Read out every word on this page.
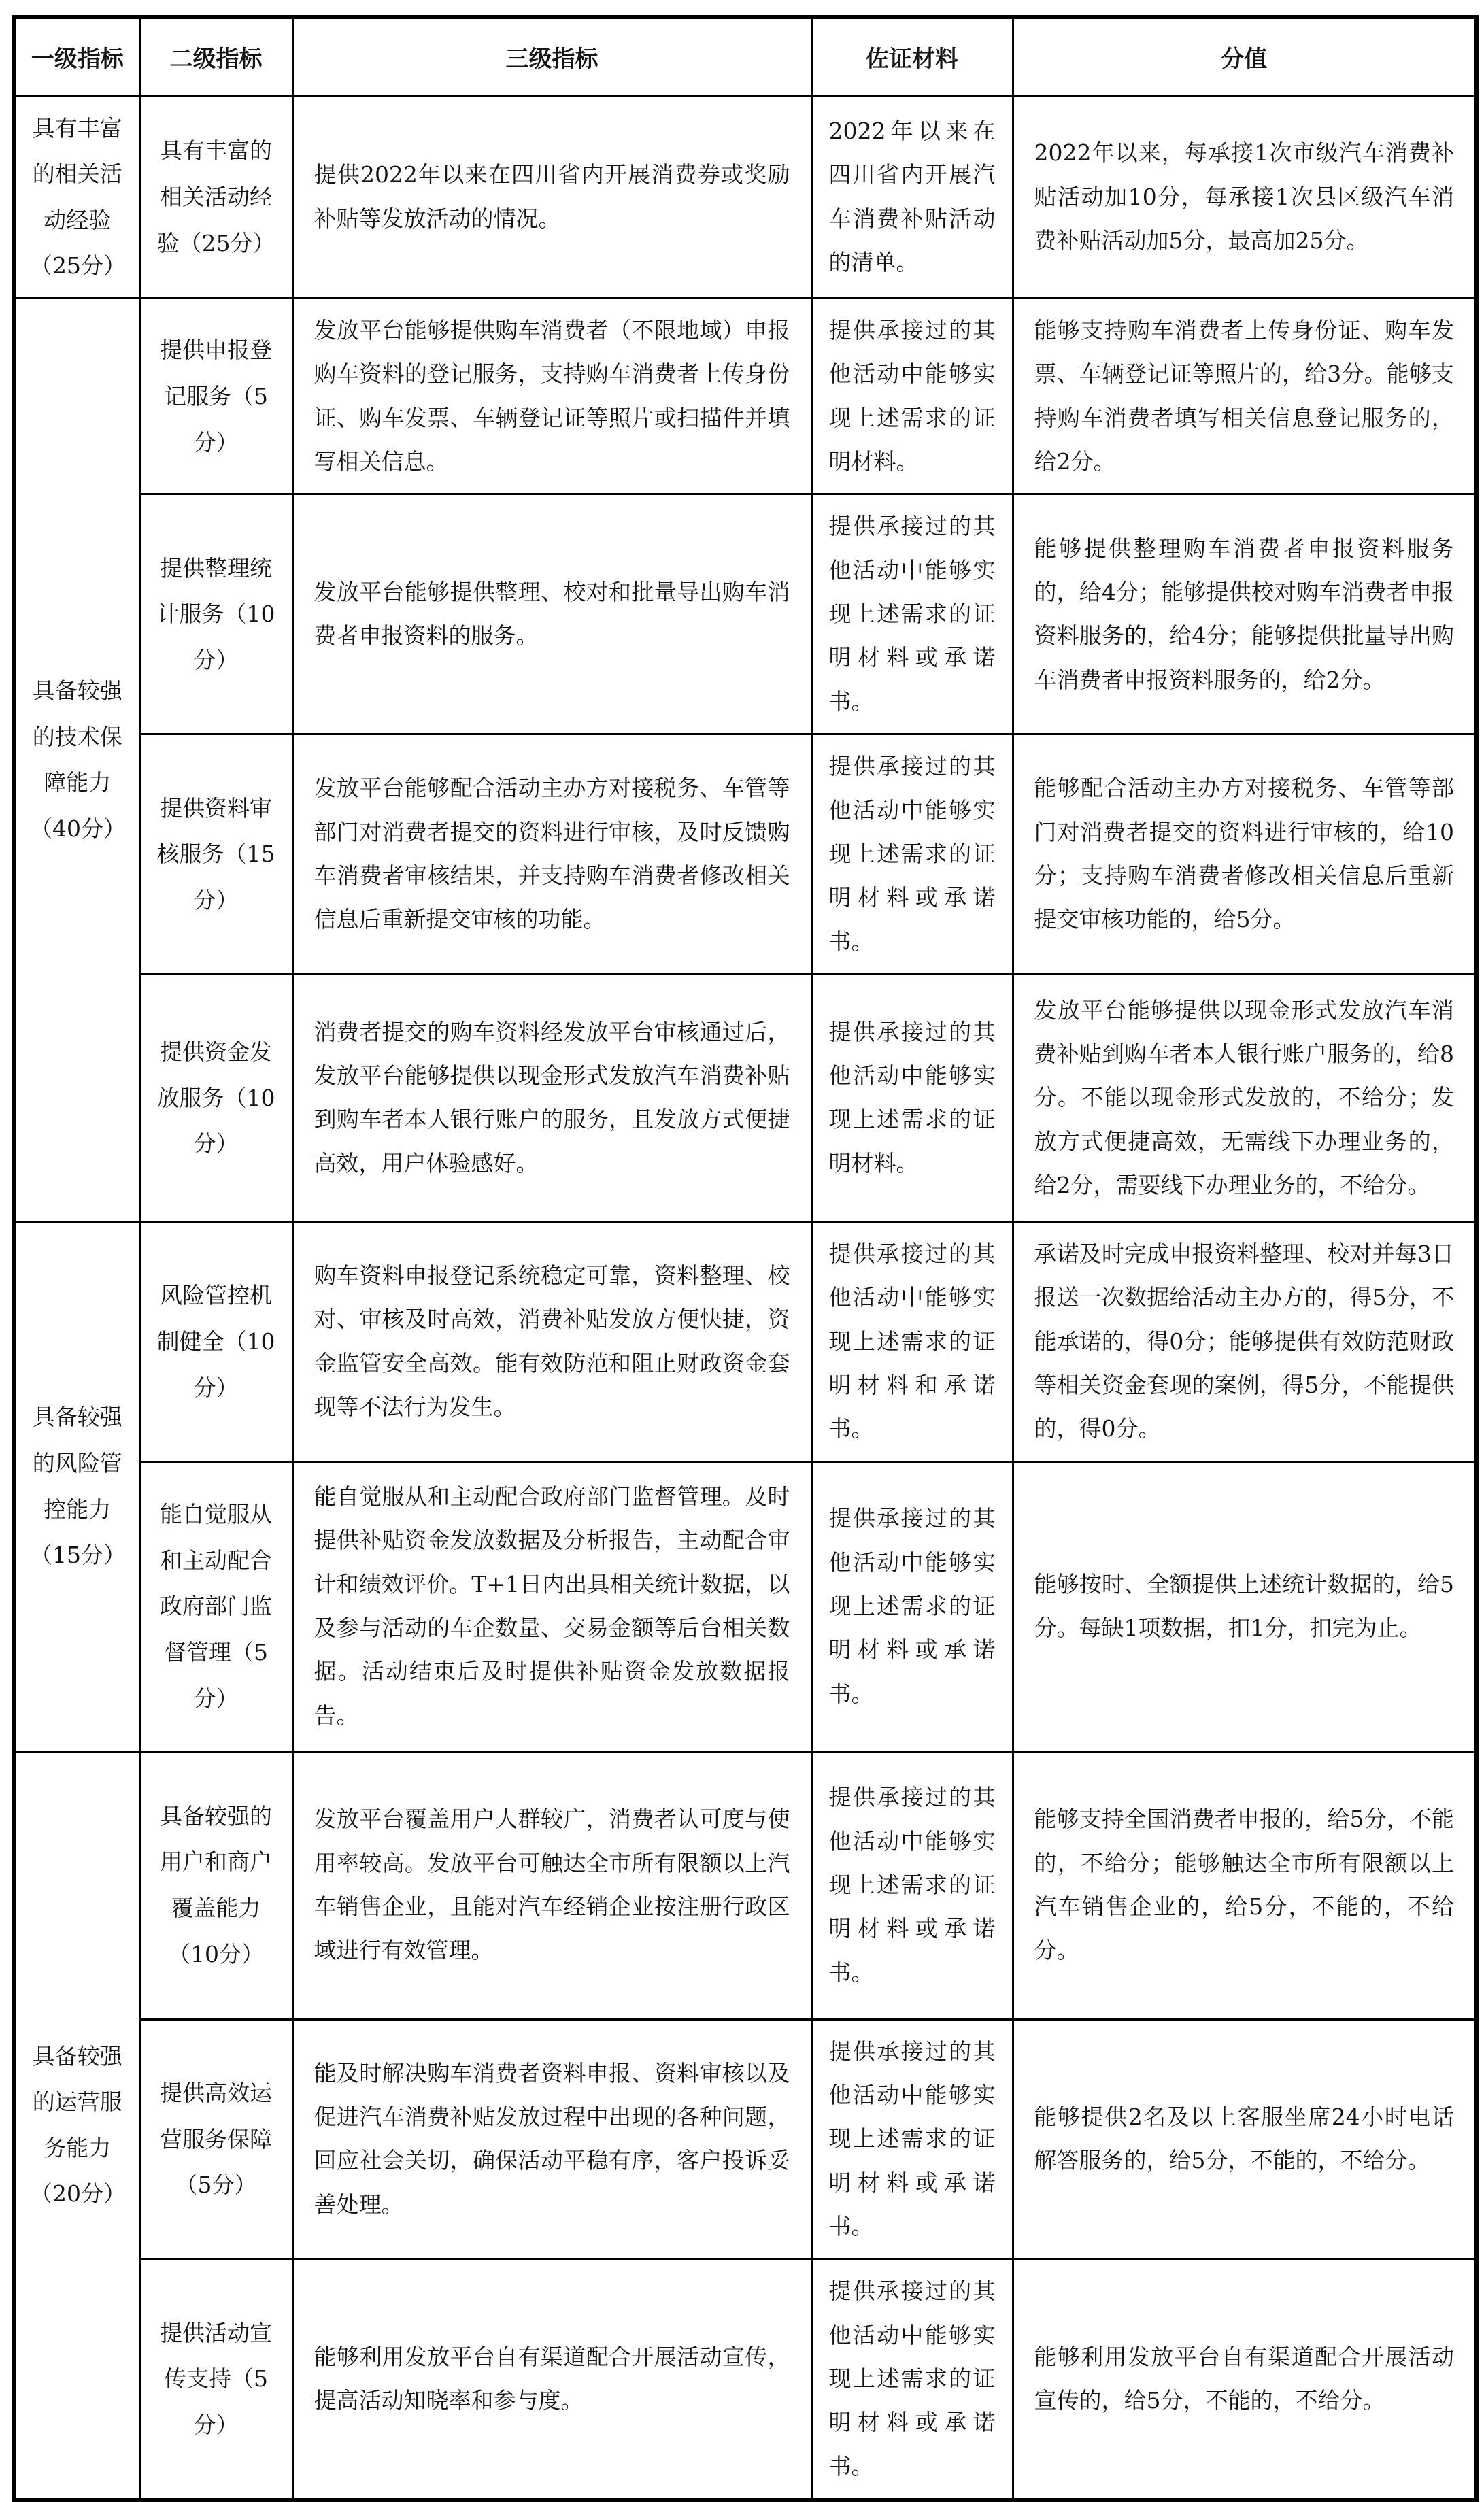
一级指标	二级指标	三级指标	佐证材料	分值
具有丰富的相关活动经验（25分）	具有丰富的相关活动经验（25分）	提供2022年以来在四川省内开展消费券或奖励补贴等发放活动的情况。	2022年以来在四川省内开展汽车消费补贴活动的清单。	2022年以来，每承接1次市级汽车消费补贴活动加10分，每承接1次县区级汽车消费补贴活动加5分，最高加25分。
具备较强的技术保障能力（40分）	提供申报登记服务（5分）	发放平台能够提供购车消费者（不限地域）申报购车资料的登记服务，支持购车消费者上传身份证、购车发票、车辆登记证等照片或扫描件并填写相关信息。	提供承接过的其他活动中能够实现上述需求的证明材料。	能够支持购车消费者上传身份证、购车发票、车辆登记证等照片的，给3分。能够支持购车消费者填写相关信息登记服务的，给2分。
	提供整理统计服务（10分）	发放平台能够提供整理、校对和批量导出购车消费者申报资料的服务。	提供承接过的其他活动中能够实现上述需求的证明材料或承诺书。	能够提供整理购车消费者申报资料服务的，给4分；能够提供校对购车消费者申报资料服务的，给4分；能够提供批量导出购车消费者申报资料服务的，给2分。
	提供资料审核服务（15分）	发放平台能够配合活动主办方对接税务、车管等部门对消费者提交的资料进行审核，及时反馈购车消费者审核结果，并支持购车消费者修改相关信息后重新提交审核的功能。	提供承接过的其他活动中能够实现上述需求的证明材料或承诺书。	能够配合活动主办方对接税务、车管等部门对消费者提交的资料进行审核的，给10分；支持购车消费者修改相关信息后重新提交审核功能的，给5分。
	提供资金发放服务（10分）	消费者提交的购车资料经发放平台审核通过后，发放平台能够提供以现金形式发放汽车消费补贴到购车者本人银行账户的服务，且发放方式便捷高效，用户体验感好。	提供承接过的其他活动中能够实现上述需求的证明材料。	发放平台能够提供以现金形式发放汽车消费补贴到购车者本人银行账户服务的，给8分。不能以现金形式发放的，不给分；发放方式便捷高效，无需线下办理业务的，给2分，需要线下办理业务的，不给分。
具备较强的风险管控能力（15分）	风险管控机制健全（10分）	购车资料申报登记系统稳定可靠，资料整理、校对、审核及时高效，消费补贴发放方便快捷，资金监管安全高效。能有效防范和阻止财政资金套现等不法行为发生。	提供承接过的其他活动中能够实现上述需求的证明材料和承诺书。	承诺及时完成申报资料整理、校对并每3日报送一次数据给活动主办方的，得5分，不能承诺的，得0分；能够提供有效防范财政等相关资金套现的案例，得5分，不能提供的，得0分。
	能自觉服从和主动配合政府部门监督管理（5分）	能自觉服从和主动配合政府部门监督管理。及时提供补贴资金发放数据及分析报告，主动配合审计和绩效评价。T+1日内出具相关统计数据，以及参与活动的车企数量、交易金额等后台相关数据。活动结束后及时提供补贴资金发放数据报告。	提供承接过的其他活动中能够实现上述需求的证明材料或承诺书。	能够按时、全额提供上述统计数据的，给5分。每缺1项数据，扣1分，扣完为止。
具备较强的运营服务能力（20分）	具备较强的用户和商户覆盖能力（10分）	发放平台覆盖用户人群较广，消费者认可度与使用率较高。发放平台可触达全市所有限额以上汽车销售企业，且能对汽车经销企业按注册行政区域进行有效管理。	提供承接过的其他活动中能够实现上述需求的证明材料或承诺书。	能够支持全国消费者申报的，给5分，不能的，不给分；能够触达全市所有限额以上汽车销售企业的，给5分，不能的，不给分。
	提供高效运营服务保障（5分）	能及时解决购车消费者资料申报、资料审核以及促进汽车消费补贴发放过程中出现的各种问题，回应社会关切，确保活动平稳有序，客户投诉妥善处理。	提供承接过的其他活动中能够实现上述需求的证明材料或承诺书。	能够提供2名及以上客服坐席24小时电话解答服务的，给5分，不能的，不给分。
	提供活动宣传支持（5分）	能够利用发放平台自有渠道配合开展活动宣传，提高活动知晓率和参与度。	提供承接过的其他活动中能够实现上述需求的证明材料或承诺书。	能够利用发放平台自有渠道配合开展活动宣传的，给5分，不能的，不给分。
